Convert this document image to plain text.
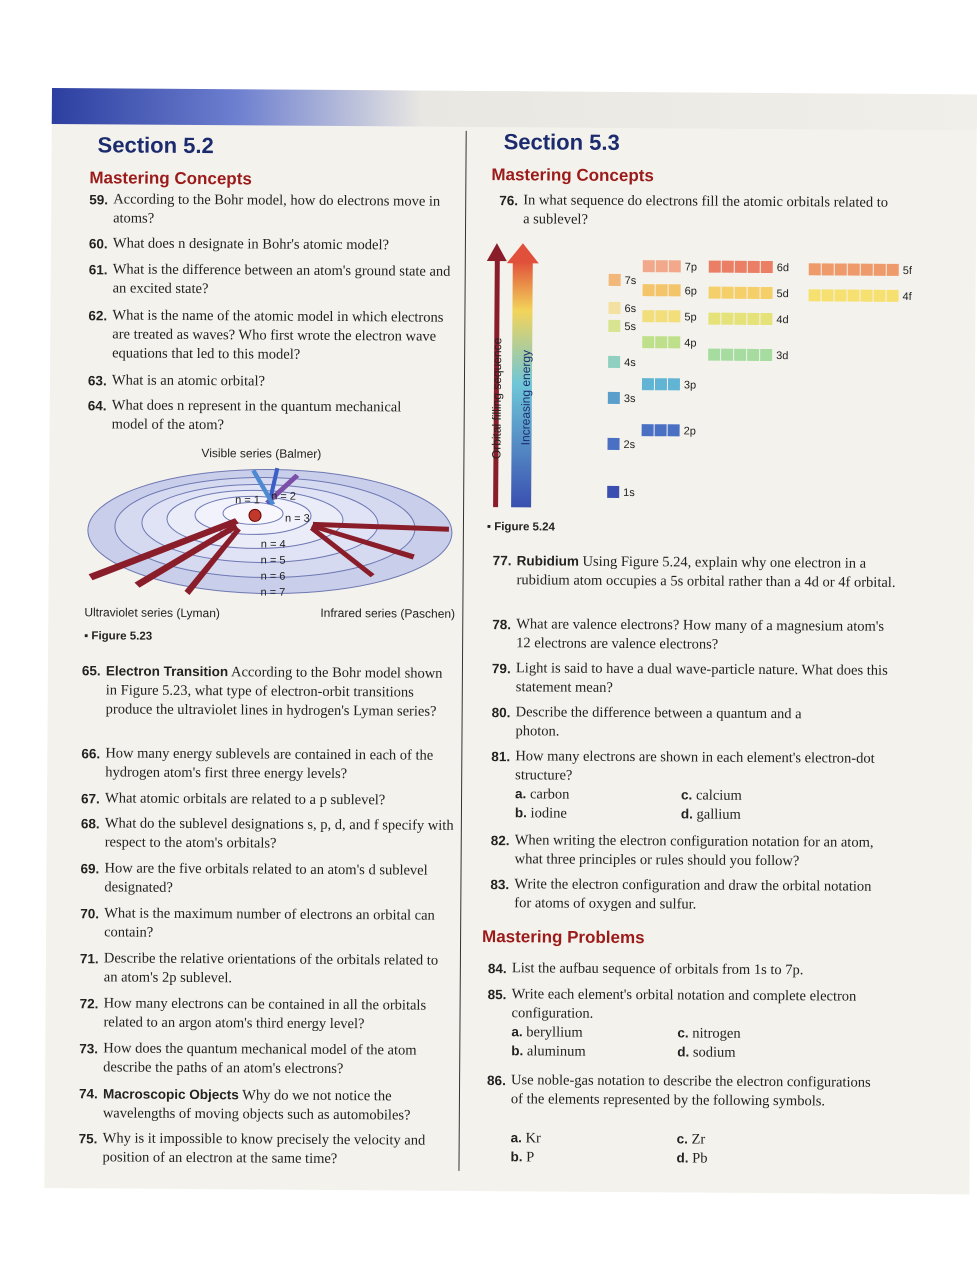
Section 5.2
Mastering Concepts
59. According to the Bohr model, how do electrons move in atoms?
60. What does n designate in Bohr's atomic model?
61. What is the difference between an atom's ground state and an excited state?
62. What is the name of the atomic model in which electrons are treated as waves? Who first wrote the electron wave equations that led to this model?
63. What is an atomic orbital?
64. What does n represent in the quantum mechanical model of the atom?
Visible series (Balmer)
n = 1 n = 2
n = 3
n = 4
n = 5
n = 6
n = 7
Ultraviolet series (Lyman)	Infrared series (Paschen)
▪ Figure 5.23
65. Electron Transition According to the Bohr model shown in Figure 5.23, what type of electron-orbit transitions produce the ultraviolet lines in hydrogen's Lyman series?
66. How many energy sublevels are contained in each of the hydrogen atom's first three energy levels?
67. What atomic orbitals are related to a p sublevel?
68. What do the sublevel designations s, p, d, and f specify with respect to the atom's orbitals?
69. How are the five orbitals related to an atom's d sublevel designated?
70. What is the maximum number of electrons an orbital can contain?
71. Describe the relative orientations of the orbitals related to an atom's 2p sublevel.
72. How many electrons can be contained in all the orbitals related to an argon atom's third energy level?
73. How does the quantum mechanical model of the atom describe the paths of an atom's electrons?
74. Macroscopic Objects Why do we not notice the wavelengths of moving objects such as automobiles?
75. Why is it impossible to know precisely the velocity and position of an electron at the same time?
Section 5.3
Mastering Concepts
76. In what sequence do electrons fill the atomic orbitals related to a sublevel?
Orbital filling sequence Increasing energy
1s
2s
2p
3s
3p
4s
3d
4p
5s
4d
5p
6s
4f
5d
6p
7s
5f
6d
7p
▪ Figure 5.24
77. Rubidium Using Figure 5.24, explain why one electron in a rubidium atom occupies a 5s orbital rather than a 4d or 4f orbital.
78. What are valence electrons? How many of a magnesium atom's 12 electrons are valence electrons?
79. Light is said to have a dual wave-particle nature. What does this statement mean?
80. Describe the difference between a quantum and a photon.
81. How many electrons are shown in each element's electron-dot structure?
a. carbon	c. calcium
b. iodine	d. gallium
82. When writing the electron configuration notation for an atom, what three principles or rules should you follow?
83. Write the electron configuration and draw the orbital notation for atoms of oxygen and sulfur.
Mastering Problems
84. List the aufbau sequence of orbitals from 1s to 7p.
85. Write each element's orbital notation and complete electron configuration.
a. beryllium	c. nitrogen
b. aluminum	d. sodium
86. Use noble-gas notation to describe the electron configurations of the elements represented by the following symbols.
a. Kr	c. Zr
b. P	d. Pb
